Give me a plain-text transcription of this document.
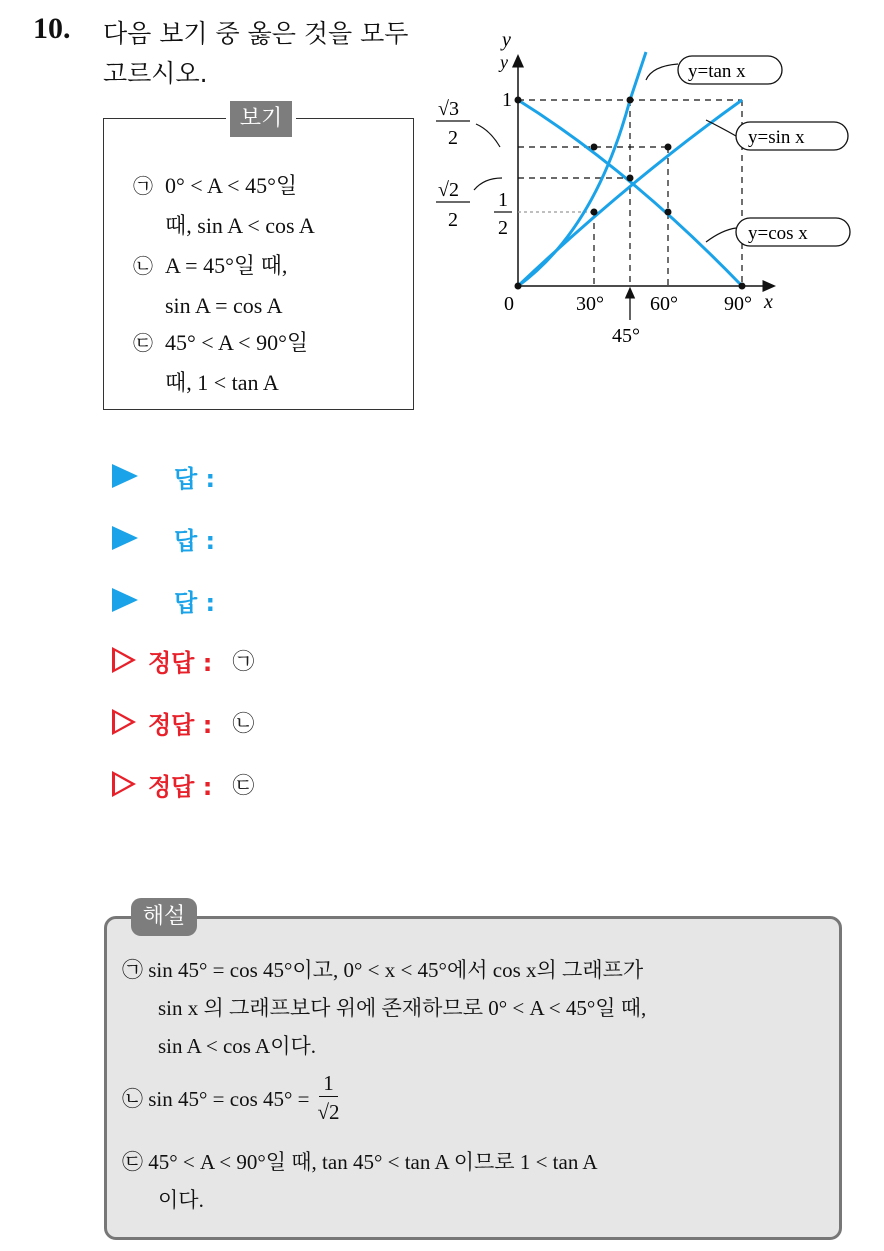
10. 다음 보기 중 옳은 것을 모두 고르시오.
보기
㉠ 0° < A < 45°일
때, sin A < cos A
㉡ A = 45°일 때,
sin A = cos A
㉢ 45° < A < 90°일
때, 1 < tan A
y
y
x
1
√3
2
√2
2
1
2
0	30° 60° 90°
45°
y=tan x
y=sin x
y=cos x
답 :
답 :
답 :
정답 : ㉠
정답 : ㉡
정답 : ㉢
해설
㉠ sin 45° = cos 45°이고, 0° < x < 45°에서 cos x의 그래프가
sin x 의 그래프보다 위에 존재하므로 0° < A < 45°일 때,
sin A < cos A이다.
㉡ $\sin 45^\circ = \cos 45^\circ = \frac{1}{√2}$
㉢ 45° < A < 90°일 때, tan 45° < tan A 이므로 1 < tan A
이다.
